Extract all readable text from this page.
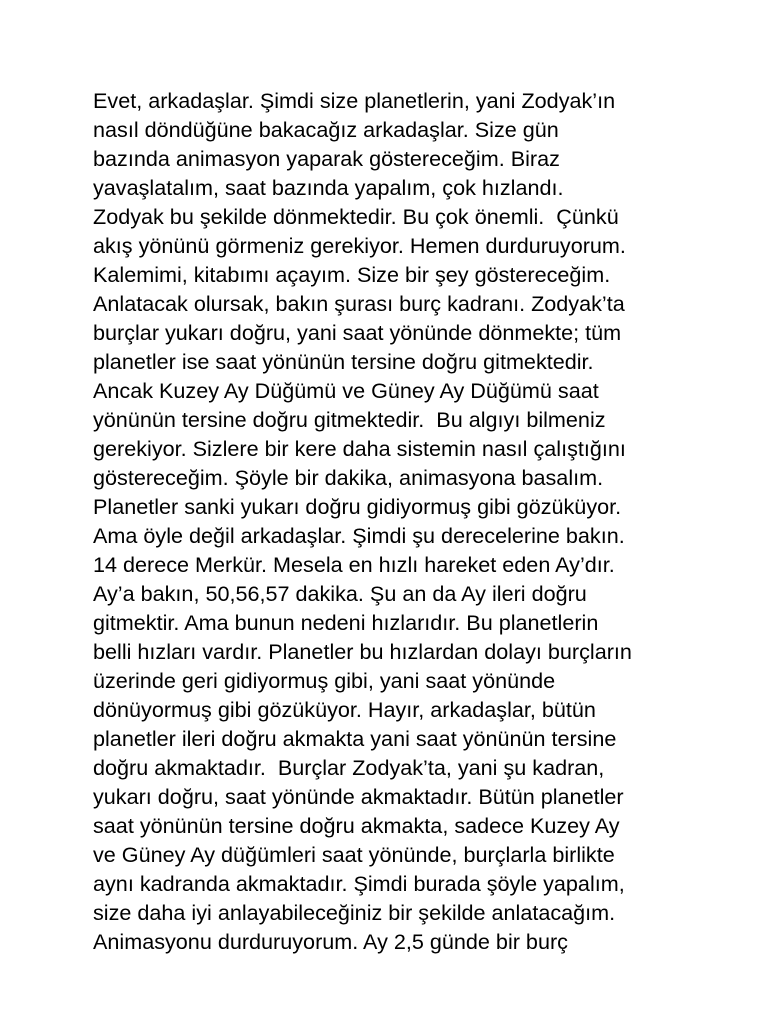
Evet, arkadaşlar. Şimdi size planetlerin, yani Zodyak’ın
nasıl döndüğüne bakacağız arkadaşlar. Size gün
bazında animasyon yaparak göstereceğim. Biraz
yavaşlatalım, saat bazında yapalım, çok hızlandı.
Zodyak bu şekilde dönmektedir. Bu çok önemli.  Çünkü
akış yönünü görmeniz gerekiyor. Hemen durduruyorum.
Kalemimi, kitabımı açayım. Size bir şey göstereceğim.
Anlatacak olursak, bakın şurası burç kadranı. Zodyak’ta
burçlar yukarı doğru, yani saat yönünde dönmekte; tüm
planetler ise saat yönünün tersine doğru gitmektedir.
Ancak Kuzey Ay Düğümü ve Güney Ay Düğümü saat
yönünün tersine doğru gitmektedir.  Bu algıyı bilmeniz
gerekiyor. Sizlere bir kere daha sistemin nasıl çalıştığını
göstereceğim. Şöyle bir dakika, animasyona basalım.
Planetler sanki yukarı doğru gidiyormuş gibi gözüküyor.
Ama öyle değil arkadaşlar. Şimdi şu derecelerine bakın.
14 derece Merkür. Mesela en hızlı hareket eden Ay’dır.
Ay’a bakın, 50,56,57 dakika. Şu an da Ay ileri doğru
gitmektir. Ama bunun nedeni hızlarıdır. Bu planetlerin
belli hızları vardır. Planetler bu hızlardan dolayı burçların
üzerinde geri gidiyormuş gibi, yani saat yönünde
dönüyormuş gibi gözüküyor. Hayır, arkadaşlar, bütün
planetler ileri doğru akmakta yani saat yönünün tersine
doğru akmaktadır.  Burçlar Zodyak’ta, yani şu kadran,
yukarı doğru, saat yönünde akmaktadır. Bütün planetler
saat yönünün tersine doğru akmakta, sadece Kuzey Ay
ve Güney Ay düğümleri saat yönünde, burçlarla birlikte
aynı kadranda akmaktadır. Şimdi burada şöyle yapalım,
size daha iyi anlayabileceğiniz bir şekilde anlatacağım.
Animasyonu durduruyorum. Ay 2,5 günde bir burç
